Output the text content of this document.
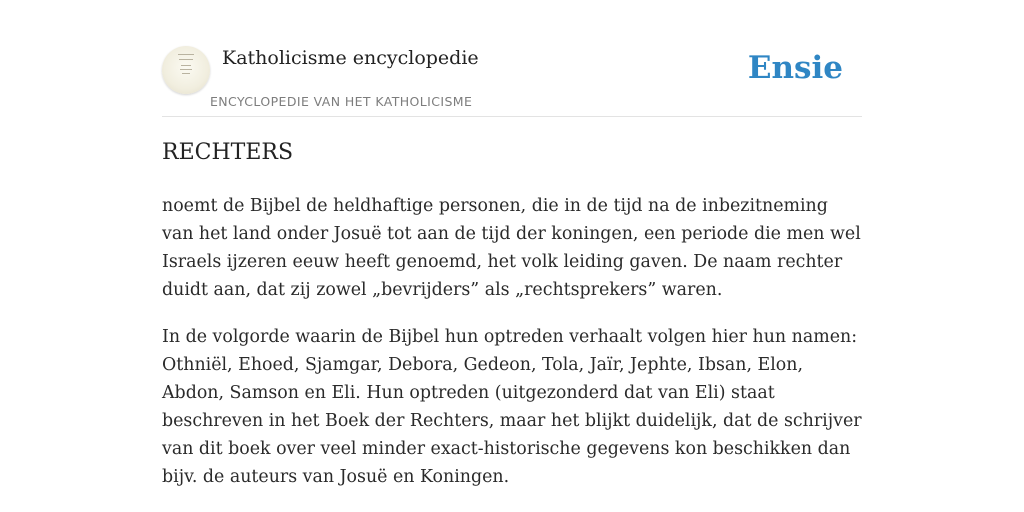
Katholicisme encyclopedie
ENCYCLOPEDIE VAN HET KATHOLICISME
Ensie
RECHTERS

noemt de Bijbel de heldhaftige personen, die in de tijd na de inbezitneming van het land onder Josuë tot aan de tijd der koningen, een periode die men wel Israels ijzeren eeuw heeft genoemd, het volk leiding gaven. De naam rechter duidt aan, dat zij zowel „bevrijders” als „rechtsprekers” waren.

In de volgorde waarin de Bijbel hun optreden verhaalt volgen hier hun namen: Othniël, Ehoed, Sjamgar, Debora, Gedeon, Tola, Jaïr, Jephte, Ibsan, Elon, Abdon, Samson en Eli. Hun optreden (uitgezonderd dat van Eli) staat beschreven in het Boek der Rechters, maar het blijkt duidelijk, dat de schrijver van dit boek over veel minder exact-historische gegevens kon beschikken dan bijv. de auteurs van Josuë en Koningen.
